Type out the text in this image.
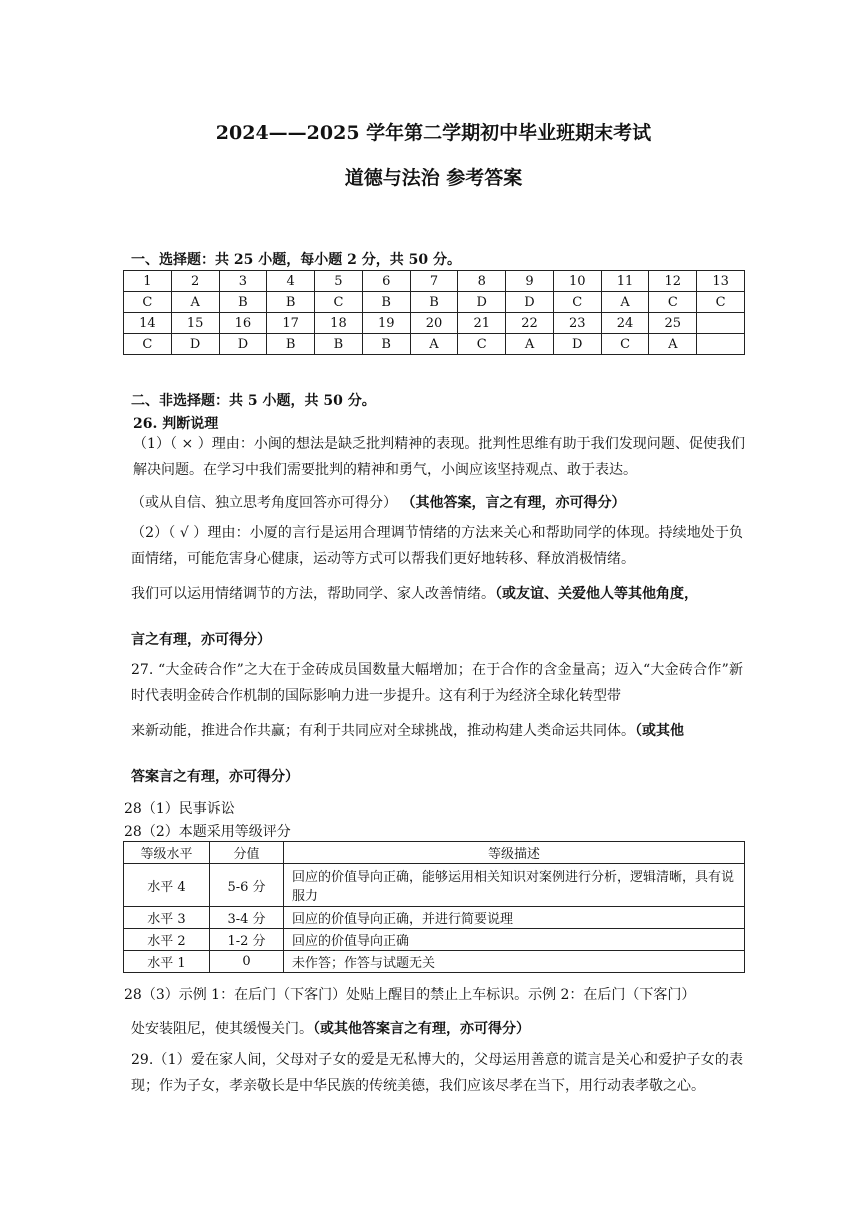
2024——2025 学年第二学期初中毕业班期末考试
道德与法治 参考答案
一、选择题：共 25 小题，每小题 2 分，共 50 分。
1	2	3	4	5	6	7	8	9	10	11	12	13
C	A	B	B	C	B	B	D	D	C	A	C	C
14	15	16	17	18	19	20	21	22	23	24	25	
C	D	D	B	B	B	A	C	A	D	C	A	
二、非选择题：共 5 小题，共 50 分。
26. 判断说理
（1）（ × ）理由：小闽的想法是缺乏批判精神的表现。批判性思维有助于我们发现问题、促使我们解决问题。在学习中我们需要批判的精神和勇气，小闽应该坚持观点、敢于表达。
（或从自信、独立思考角度回答亦可得分） （其他答案，言之有理，亦可得分）
（2）（ √ ）理由：小厦的言行是运用合理调节情绪的方法来关心和帮助同学的体现。持续地处于负面情绪，可能危害身心健康，运动等方式可以帮我们更好地转移、释放消极情绪。
我们可以运用情绪调节的方法，帮助同学、家人改善情绪。（或友谊、关爱他人等其他角度，
言之有理，亦可得分）
27. “大金砖合作”之大在于金砖成员国数量大幅增加；在于合作的含金量高；迈入“大金砖合作”新时代表明金砖合作机制的国际影响力进一步提升。这有利于为经济全球化转型带
来新动能，推进合作共赢；有利于共同应对全球挑战，推动构建人类命运共同体。（或其他
答案言之有理，亦可得分）
28（1）民事诉讼
28（2）本题采用等级评分
等级水平	分值	等级描述
水平 4	5-6 分	回应的价值导向正确，能够运用相关知识对案例进行分析，逻辑清晰，具有说服力
水平 3	3-4 分	回应的价值导向正确，并进行简要说理
水平 2	1-2 分	回应的价值导向正确
水平 1	0	未作答；作答与试题无关
28（3）示例 1：在后门（下客门）处贴上醒目的禁止上车标识。示例 2：在后门（下客门）
处安装阻尼，使其缓慢关门。（或其他答案言之有理，亦可得分）
29.（1）爱在家人间，父母对子女的爱是无私博大的，父母运用善意的谎言是关心和爱护子女的表现；作为子女，孝亲敬长是中华民族的传统美德，我们应该尽孝在当下，用行动表孝敬之心。
